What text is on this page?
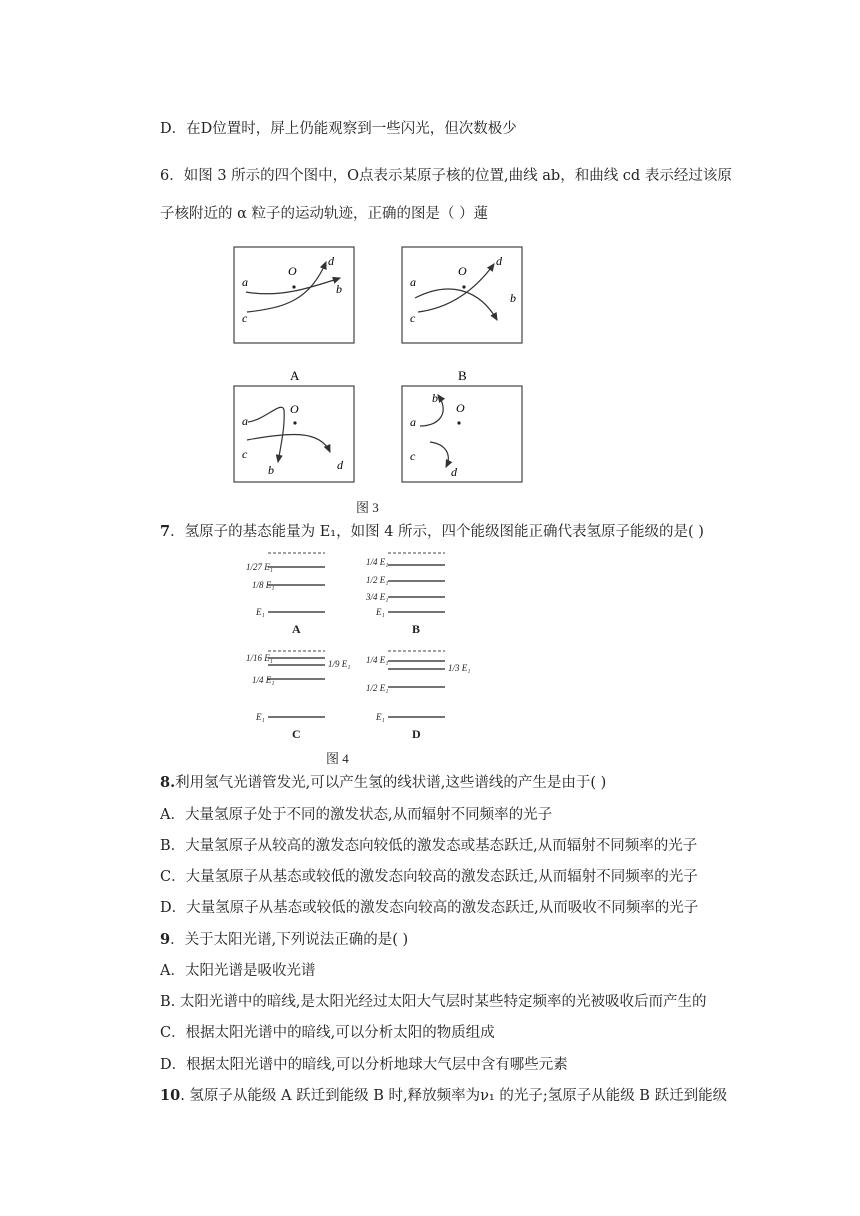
D．在D位置时，屏上仍能观察到一些闪光，但次数极少
6．如图 3 所示的四个图中，O点表示某原子核的位置,曲线 ab，和曲线 cd 表示经过该原
子核附近的 α 粒子的运动轨迹，正确的图是（ ）蓮
O
a	b
c
d
A
O
a
b
c
d
B
O
a
b
c
d
O
a
b
c
d
图 3
7．氢原子的基态能量为 E₁，如图 4 所示，四个能级图能正确代表氢原子能级的是( )
1/27 E₁
1/8 E₁
E₁
A
1/4 E₁
1/2 E₁
3/4 E₁
E₁
B
1/16 E₁
1/9 E₁
1/4 E₁
E₁
C
1/4 E₁
1/3 E₁
1/2 E₁
E₁
D
图 4
8.利用氢气光谱管发光,可以产生氢的线状谱,这些谱线的产生是由于( )
A．大量氢原子处于不同的激发状态,从而辐射不同频率的光子
B．大量氢原子从较高的激发态向较低的激发态或基态跃迁,从而辐射不同频率的光子
C．大量氢原子从基态或较低的激发态向较高的激发态跃迁,从而辐射不同频率的光子
D．大量氢原子从基态或较低的激发态向较高的激发态跃迁,从而吸收不同频率的光子
9．关于太阳光谱,下列说法正确的是( )
A．太阳光谱是吸收光谱
B. 太阳光谱中的暗线,是太阳光经过太阳大气层时某些特定频率的光被吸收后而产生的
C．根据太阳光谱中的暗线,可以分析太阳的物质组成
D．根据太阳光谱中的暗线,可以分析地球大气层中含有哪些元素
10. 氢原子从能级 A 跃迁到能级 B 时,释放频率为ν₁ 的光子;氢原子从能级 B 跃迁到能级
